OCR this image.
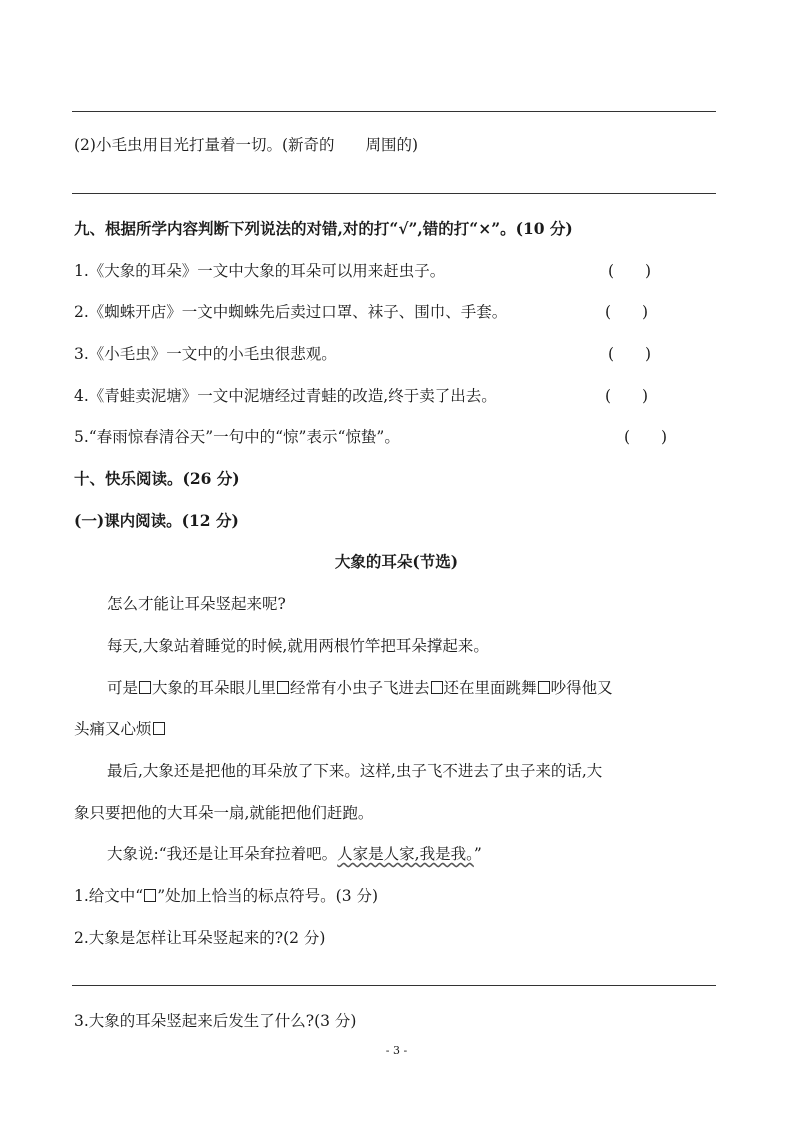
(2)小毛虫用目光打量着一切。(新奇的　　周围的)
九、根据所学内容判断下列说法的对错,对的打“√”,错的打“×”。(10 分)
1.《大象的耳朵》一文中大象的耳朵可以用来赶虫子。	(　　)
2.《蜘蛛开店》一文中蜘蛛先后卖过口罩、袜子、围巾、手套。	(　　)
3.《小毛虫》一文中的小毛虫很悲观。	(　　)
4.《青蛙卖泥塘》一文中泥塘经过青蛙的改造,终于卖了出去。	(　　)
5.“春雨惊春清谷天”一句中的“惊”表示“惊蛰”。	(　　)
十、快乐阅读。(26 分)
(一)课内阅读。(12 分)
大象的耳朵(节选)
怎么才能让耳朵竖起来呢?
每天,大象站着睡觉的时候,就用两根竹竿把耳朵撑起来。
可是 大象的耳朵眼儿里 经常有小虫子飞进去 还在里面跳舞 吵得他又
头痛又心烦
最后,大象还是把他的耳朵放了下来。这样,虫子飞不进去了虫子来的话,大
象只要把他的大耳朵一扇,就能把他们赶跑。
大象说:“我还是让耳朵耷拉着吧。人家是人家,我是我。”
1.给文中“ ”处加上恰当的标点符号。(3 分)
2.大象是怎样让耳朵竖起来的?(2 分)
3.大象的耳朵竖起来后发生了什么?(3 分)
- 3 -
